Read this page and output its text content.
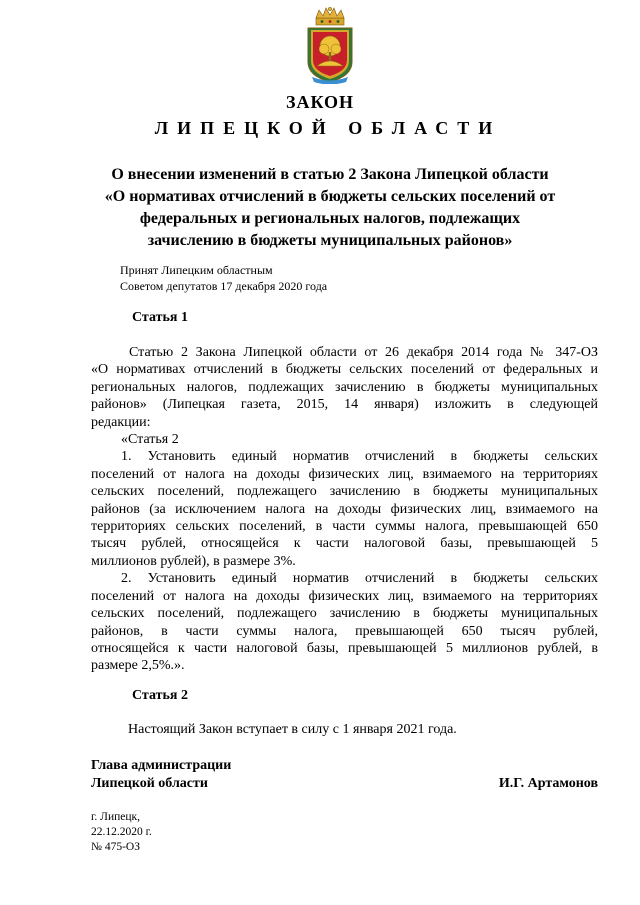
ЗАКОН
ЛИПЕЦКОЙ ОБЛАСТИ
О внесении изменений в статью 2 Закона Липецкой области
«О нормативах отчислений в бюджеты сельских поселений от
федеральных и региональных налогов, подлежащих
зачислению в бюджеты муниципальных районов»
Принят Липецким областным
Советом депутатов 17 декабря 2020 года
Статья 1
Статью 2 Закона Липецкой области от 26 декабря 2014 года № 347-ОЗ
«О нормативах отчислений в бюджеты сельских поселений от федеральных и
региональных налогов, подлежащих зачислению в бюджеты муниципальных
районов» (Липецкая газета, 2015, 14 января) изложить в следующей
редакции:
«Статья 2
1. Установить единый норматив отчислений в бюджеты сельских
поселений от налога на доходы физических лиц, взимаемого на территориях
сельских поселений, подлежащего зачислению в бюджеты муниципальных
районов (за исключением налога на доходы физических лиц, взимаемого на
территориях сельских поселений, в части суммы налога, превышающей 650
тысяч рублей, относящейся к части налоговой базы, превышающей 5
миллионов рублей), в размере 3%.
2. Установить единый норматив отчислений в бюджеты сельских
поселений от налога на доходы физических лиц, взимаемого на территориях
сельских поселений, подлежащего зачислению в бюджеты муниципальных
районов, в части суммы налога, превышающей 650 тысяч рублей,
относящейся к части налоговой базы, превышающей 5 миллионов рублей, в
размере 2,5%.».
Статья 2
Настоящий Закон вступает в силу с 1 января 2021 года.
Глава администрации
Липецкой области	И.Г. Артамонов
г. Липецк,
22.12.2020 г.
№ 475-ОЗ
